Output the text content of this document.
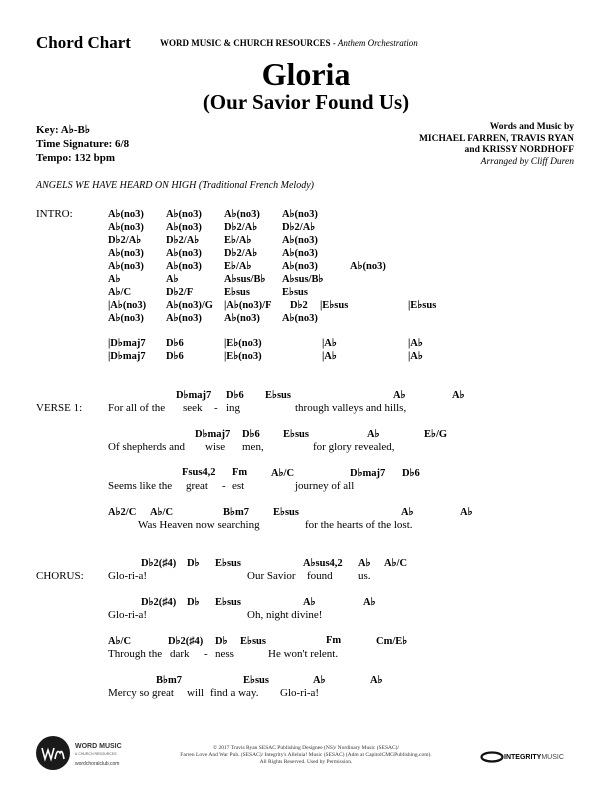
Chord Chart	WORD MUSIC & CHURCH RESOURCES - Anthem Orchestration
Gloria
(Our Savior Found Us)
Key: A♭-B♭
Time Signature: 6/8
Tempo: 132 bpm
Words and Music by
MICHAEL FARREN, TRAVIS RYAN
and KRISSY NORDHOFF
Arranged by Cliff Duren
ANGELS WE HAVE HEARD ON HIGH (Traditional French Melody)
INTRO:	A♭(no3) A♭(no3) A♭(no3) A♭(no3)
A♭(no3) A♭(no3) D♭2/A♭ D♭2/A♭
D♭2/A♭ D♭2/A♭ E♭/A♭	A♭(no3)
A♭(no3) A♭(no3) D♭2/A♭ A♭(no3)
A♭(no3) A♭(no3) E♭/A♭	A♭(no3)	A♭(no3)
A♭	A♭	A♭sus/B♭ A♭sus/B♭
A♭/C	D♭2/F	E♭sus	E♭sus
|A♭(no3) A♭(no3)/G |A♭(no3)/F D♭2 |E♭sus	|E♭sus
A♭(no3) A♭(no3) A♭(no3) A♭(no3)
|D♭maj7 D♭6	|E♭(no3)	|A♭	|A♭
|D♭maj7 D♭6	|E♭(no3)	|A♭	|A♭
VERSE 1:
D♭maj7 D♭6 E♭sus	A♭	A♭
For all of the seek - ing	through valleys and hills,
D♭maj7 D♭6 E♭sus	A♭	E♭/G
Of shepherds and wise men,	for glory revealed,
Fsus4,2 Fm A♭/C	D♭maj7 D♭6
Seems like the great - est	journey of all
A♭2/C A♭/C	B♭m7 E♭sus	A♭	A♭
Was Heaven now searching	for the hearts of the lost.
CHORUS:
D♭2(♯4) D♭ E♭sus	A♭sus4,2 A♭ A♭/C
Glo-ri-a!	Our Savior found us.
D♭2(♯4) D♭ E♭sus	A♭	A♭
Glo-ri-a!	Oh, night divine!
A♭/C	D♭2(♯4) D♭ E♭sus	Fm	Cm/E♭
Through the dark - ness	He won't relent.
B♭m7	E♭sus	A♭	A♭
Mercy so great will find a way. Glo-ri-a!
WORD MUSIC
& CHURCH RESOURCES
wordchoralclub.com
© 2017 Travis Ryan SESAC Publishing Designee (NS)/ Nordinary Music (SESAC)/
Farren Love And War Pub. (SESAC)/ Integrity's Alleluia! Music (SESAC) (Adm at CapitolCMGPublishing.com).
All Rights Reserved. Used by Permission.
INTEGRITYMUSIC
